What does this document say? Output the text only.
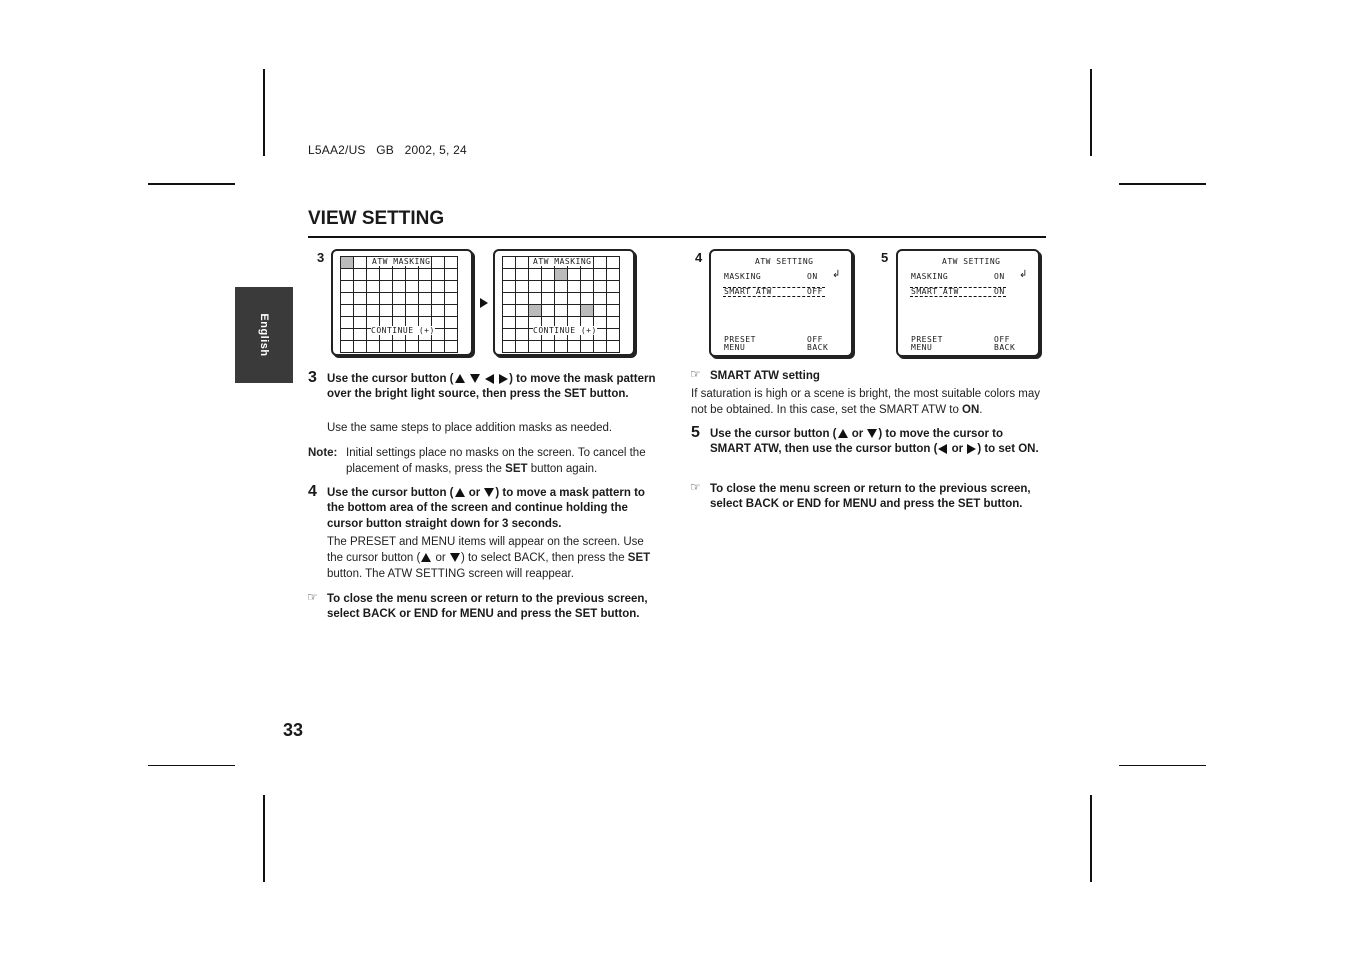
L5AA2/US   GB   2002, 5, 24
VIEW SETTING
English
33
3

									ATW MASKING
CONTINUE (+)

ATW MASKING
CONTINUE (+)
4	ATW SETTING
MASKING	ON ↲
SMART ATW	OFF
PRESET
MENU
OFF
BACK
5	ATW SETTING
MASKING	ON ↲
SMART ATW	ON
PRESET
MENU
OFF
BACK
3 Use the cursor button (	) to move the mask pattern over the bright light source, then press the SET button.
Use the same steps to place addition masks as needed.
Note: Initial settings place no masks on the screen. To cancel the placement of masks, press the SET button again.
4 Use the cursor button ( or ) to move a mask pattern to the bottom area of the screen and continue holding the cursor button straight down for 3 seconds.
The PRESET and MENU items will appear on the screen. Use the cursor button ( or ) to select BACK, then press the SET button. The ATW SETTING screen will reappear.
☞ To close the menu screen or return to the previous screen, select BACK or END for MENU and press the SET button.
☞ SMART ATW setting
If saturation is high or a scene is bright, the most suitable colors may not be obtained. In this case, set the SMART ATW to ON.
5 Use the cursor button ( or ) to move the cursor to SMART ATW, then use the cursor button ( or ) to set ON.
☞ To close the menu screen or return to the previous screen, select BACK or END for MENU and press the SET button.
